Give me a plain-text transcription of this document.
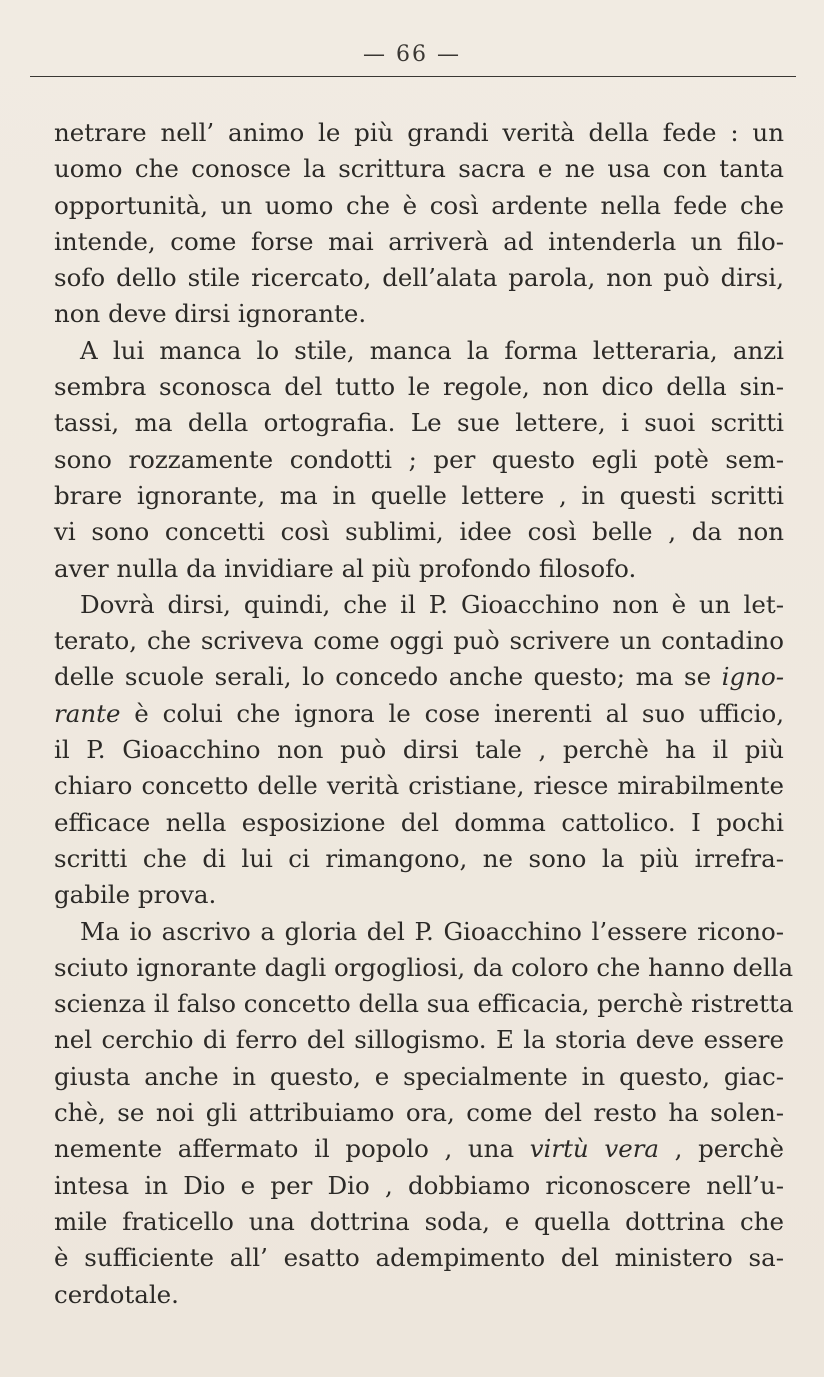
— 66 —
netrare nell’ animo le più grandi verità della fede : un
uomo che conosce la scrittura sacra e ne usa con tanta
opportunità, un uomo che è così ardente nella fede che
intende, come forse mai arriverà ad intenderla un filo-
sofo dello stile ricercato, dell’alata parola, non può dirsi,
non deve dirsi ignorante.
A lui manca lo stile, manca la forma letteraria, anzi
sembra sconosca del tutto le regole, non dico della sin-
tassi, ma della ortografia. Le sue lettere, i suoi scritti
sono rozzamente condotti ; per questo egli potè sem-
brare ignorante, ma in quelle lettere , in questi scritti
vi sono concetti così sublimi, idee così belle , da non
aver nulla da invidiare al più profondo filosofo.
Dovrà dirsi, quindi, che il P. Gioacchino non è un let-
terato, che scriveva come oggi può scrivere un contadino
delle scuole serali, lo concedo anche questo; ma se igno-
rante è colui che ignora le cose inerenti al suo ufficio,
il P. Gioacchino non può dirsi tale , perchè ha il più
chiaro concetto delle verità cristiane, riesce mirabilmente
efficace nella esposizione del domma cattolico. I pochi
scritti che di lui ci rimangono, ne sono la più irrefra-
gabile prova.
Ma io ascrivo a gloria del P. Gioacchino l’essere ricono-
sciuto ignorante dagli orgogliosi, da coloro che hanno della
scienza il falso concetto della sua efficacia, perchè ristretta
nel cerchio di ferro del sillogismo. E la storia deve essere
giusta anche in questo, e specialmente in questo, giac-
chè, se noi gli attribuiamo ora, come del resto ha solen-
nemente affermato il popolo , una virtù vera , perchè
intesa in Dio e per Dio , dobbiamo riconoscere nell’u-
mile fraticello una dottrina soda, e quella dottrina che
è sufficiente all’ esatto adempimento del ministero sa-
cerdotale.
